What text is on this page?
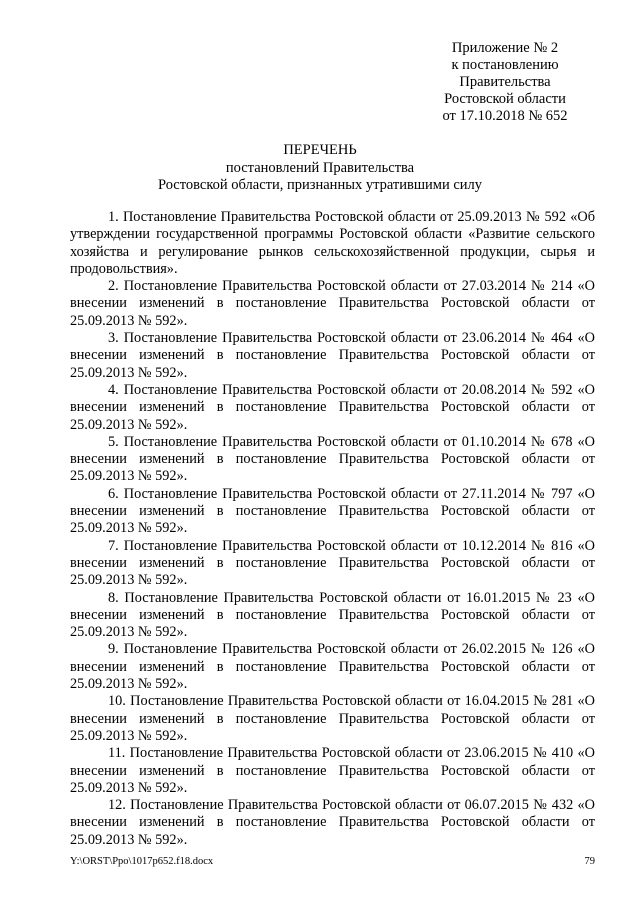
Приложение № 2
к постановлению
Правительства
Ростовской области
от 17.10.2018 № 652
ПЕРЕЧЕНЬ
постановлений Правительства
Ростовской области, признанных утратившими силу

1. Постановление Правительства Ростовской области от 25.09.2013 № 592 «Об утверждении государственной программы Ростовской области «Развитие сельского хозяйства и регулирование рынков сельскохозяйственной продукции, сырья и продовольствия».

2. Постановление Правительства Ростовской области от 27.03.2014 № 214 «О внесении изменений в постановление Правительства Ростовской области от 25.09.2013 № 592».

3. Постановление Правительства Ростовской области от 23.06.2014 № 464 «О внесении изменений в постановление Правительства Ростовской области от 25.09.2013 № 592».

4. Постановление Правительства Ростовской области от 20.08.2014 № 592 «О внесении изменений в постановление Правительства Ростовской области от 25.09.2013 № 592».

5. Постановление Правительства Ростовской области от 01.10.2014 № 678 «О внесении изменений в постановление Правительства Ростовской области от 25.09.2013 № 592».

6. Постановление Правительства Ростовской области от 27.11.2014 № 797 «О внесении изменений в постановление Правительства Ростовской области от 25.09.2013 № 592».

7. Постановление Правительства Ростовской области от 10.12.2014 № 816 «О внесении изменений в постановление Правительства Ростовской области от 25.09.2013 № 592».

8. Постановление Правительства Ростовской области от 16.01.2015 № 23 «О внесении изменений в постановление Правительства Ростовской области от 25.09.2013 № 592».

9. Постановление Правительства Ростовской области от 26.02.2015 № 126 «О внесении изменений в постановление Правительства Ростовской области от 25.09.2013 № 592».

10. Постановление Правительства Ростовской области от 16.04.2015 № 281 «О внесении изменений в постановление Правительства Ростовской области от 25.09.2013 № 592».

11. Постановление Правительства Ростовской области от 23.06.2015 № 410 «О внесении изменений в постановление Правительства Ростовской области от 25.09.2013 № 592».

12. Постановление Правительства Ростовской области от 06.07.2015 № 432 «О внесении изменений в постановление Правительства Ростовской области от 25.09.2013 № 592».

Y:\ORST\Ppo\1017p652.f18.docx	79
